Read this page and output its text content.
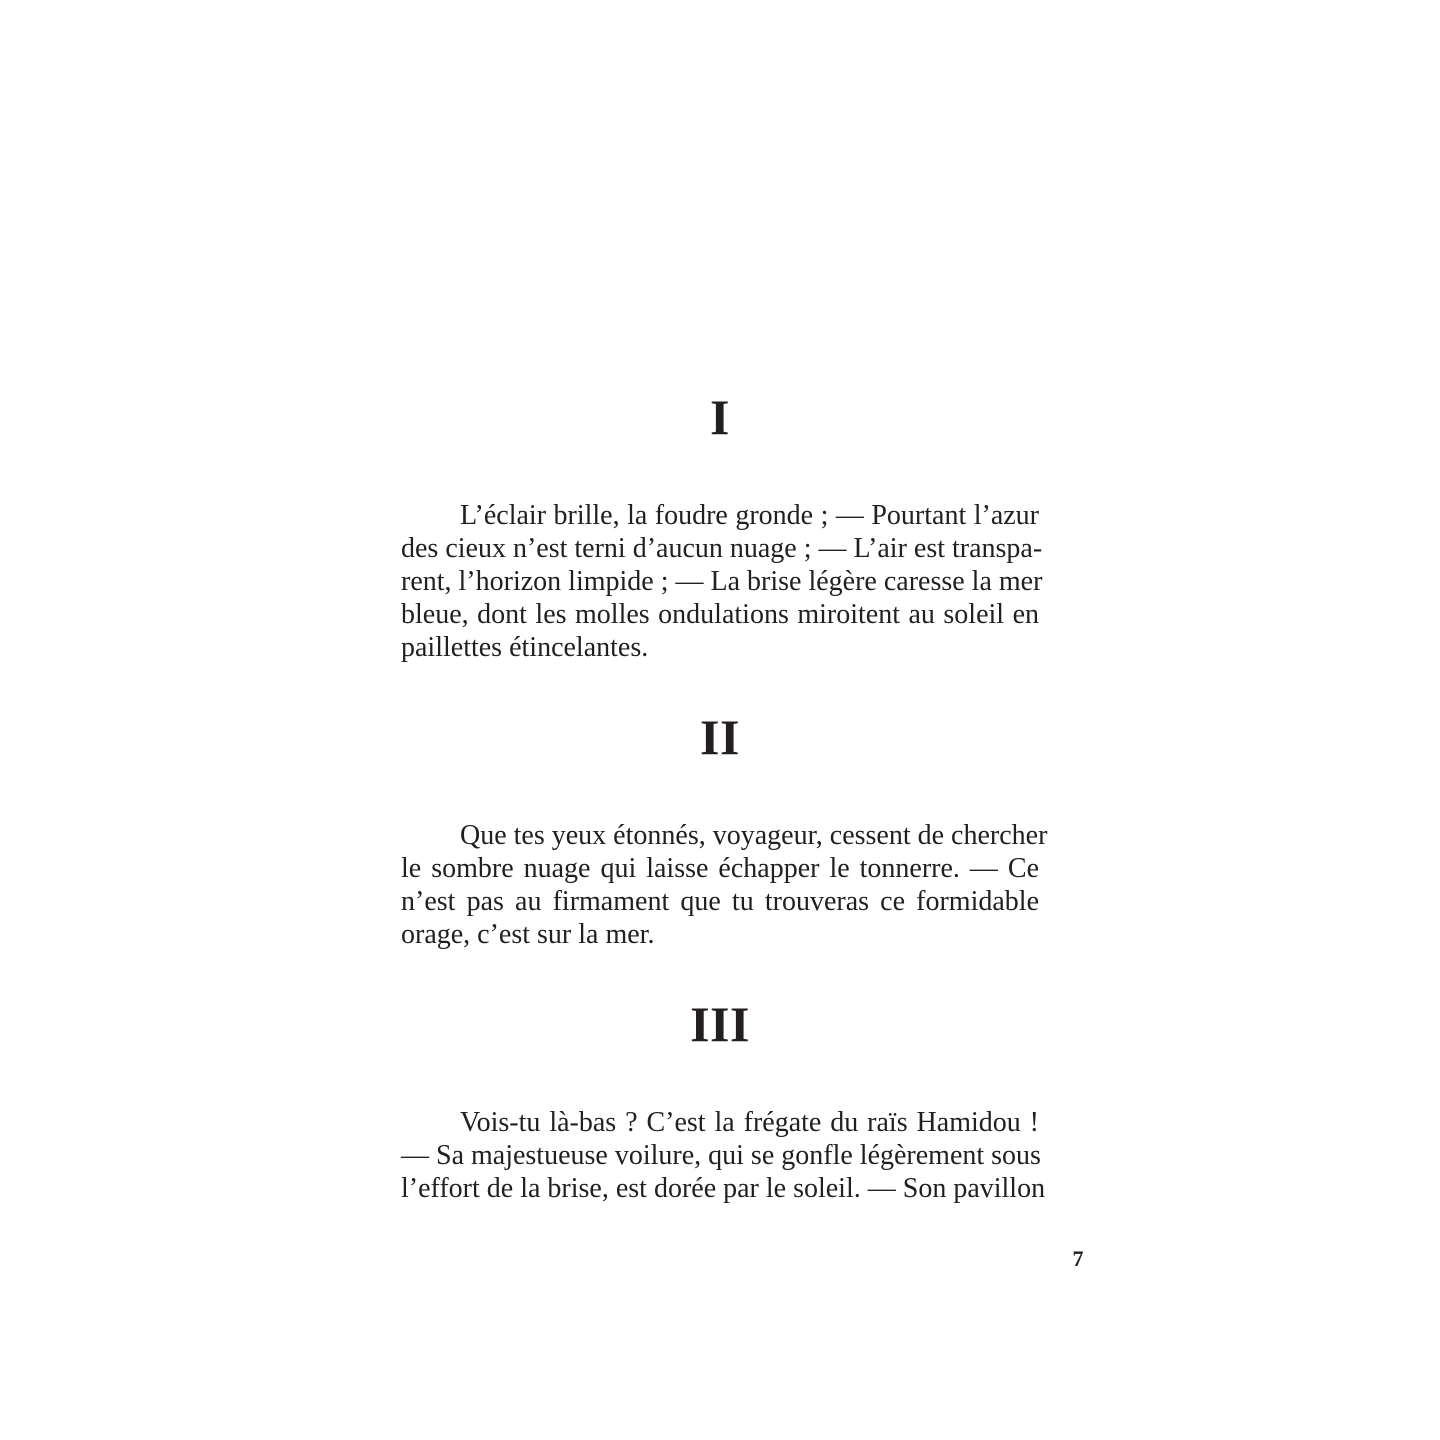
I

L’éclair brille, la foudre gronde ; — Pourtant l’azur
des cieux n’est terni d’aucun nuage ; — L’air est transpa-
rent, l’horizon limpide ; — La brise légère caresse la mer
bleue, dont les molles ondulations miroitent au soleil en
paillettes étincelantes.

II

Que tes yeux étonnés, voyageur, cessent de chercher
le sombre nuage qui laisse échapper le tonnerre. — Ce
n’est pas au firmament que tu trouveras ce formidable
orage, c’est sur la mer.

III

Vois-tu là-bas ? C’est la frégate du raïs Hamidou !
— Sa majestueuse voilure, qui se gonfle légèrement sous
l’effort de la brise, est dorée par le soleil. — Son pavillon

7
